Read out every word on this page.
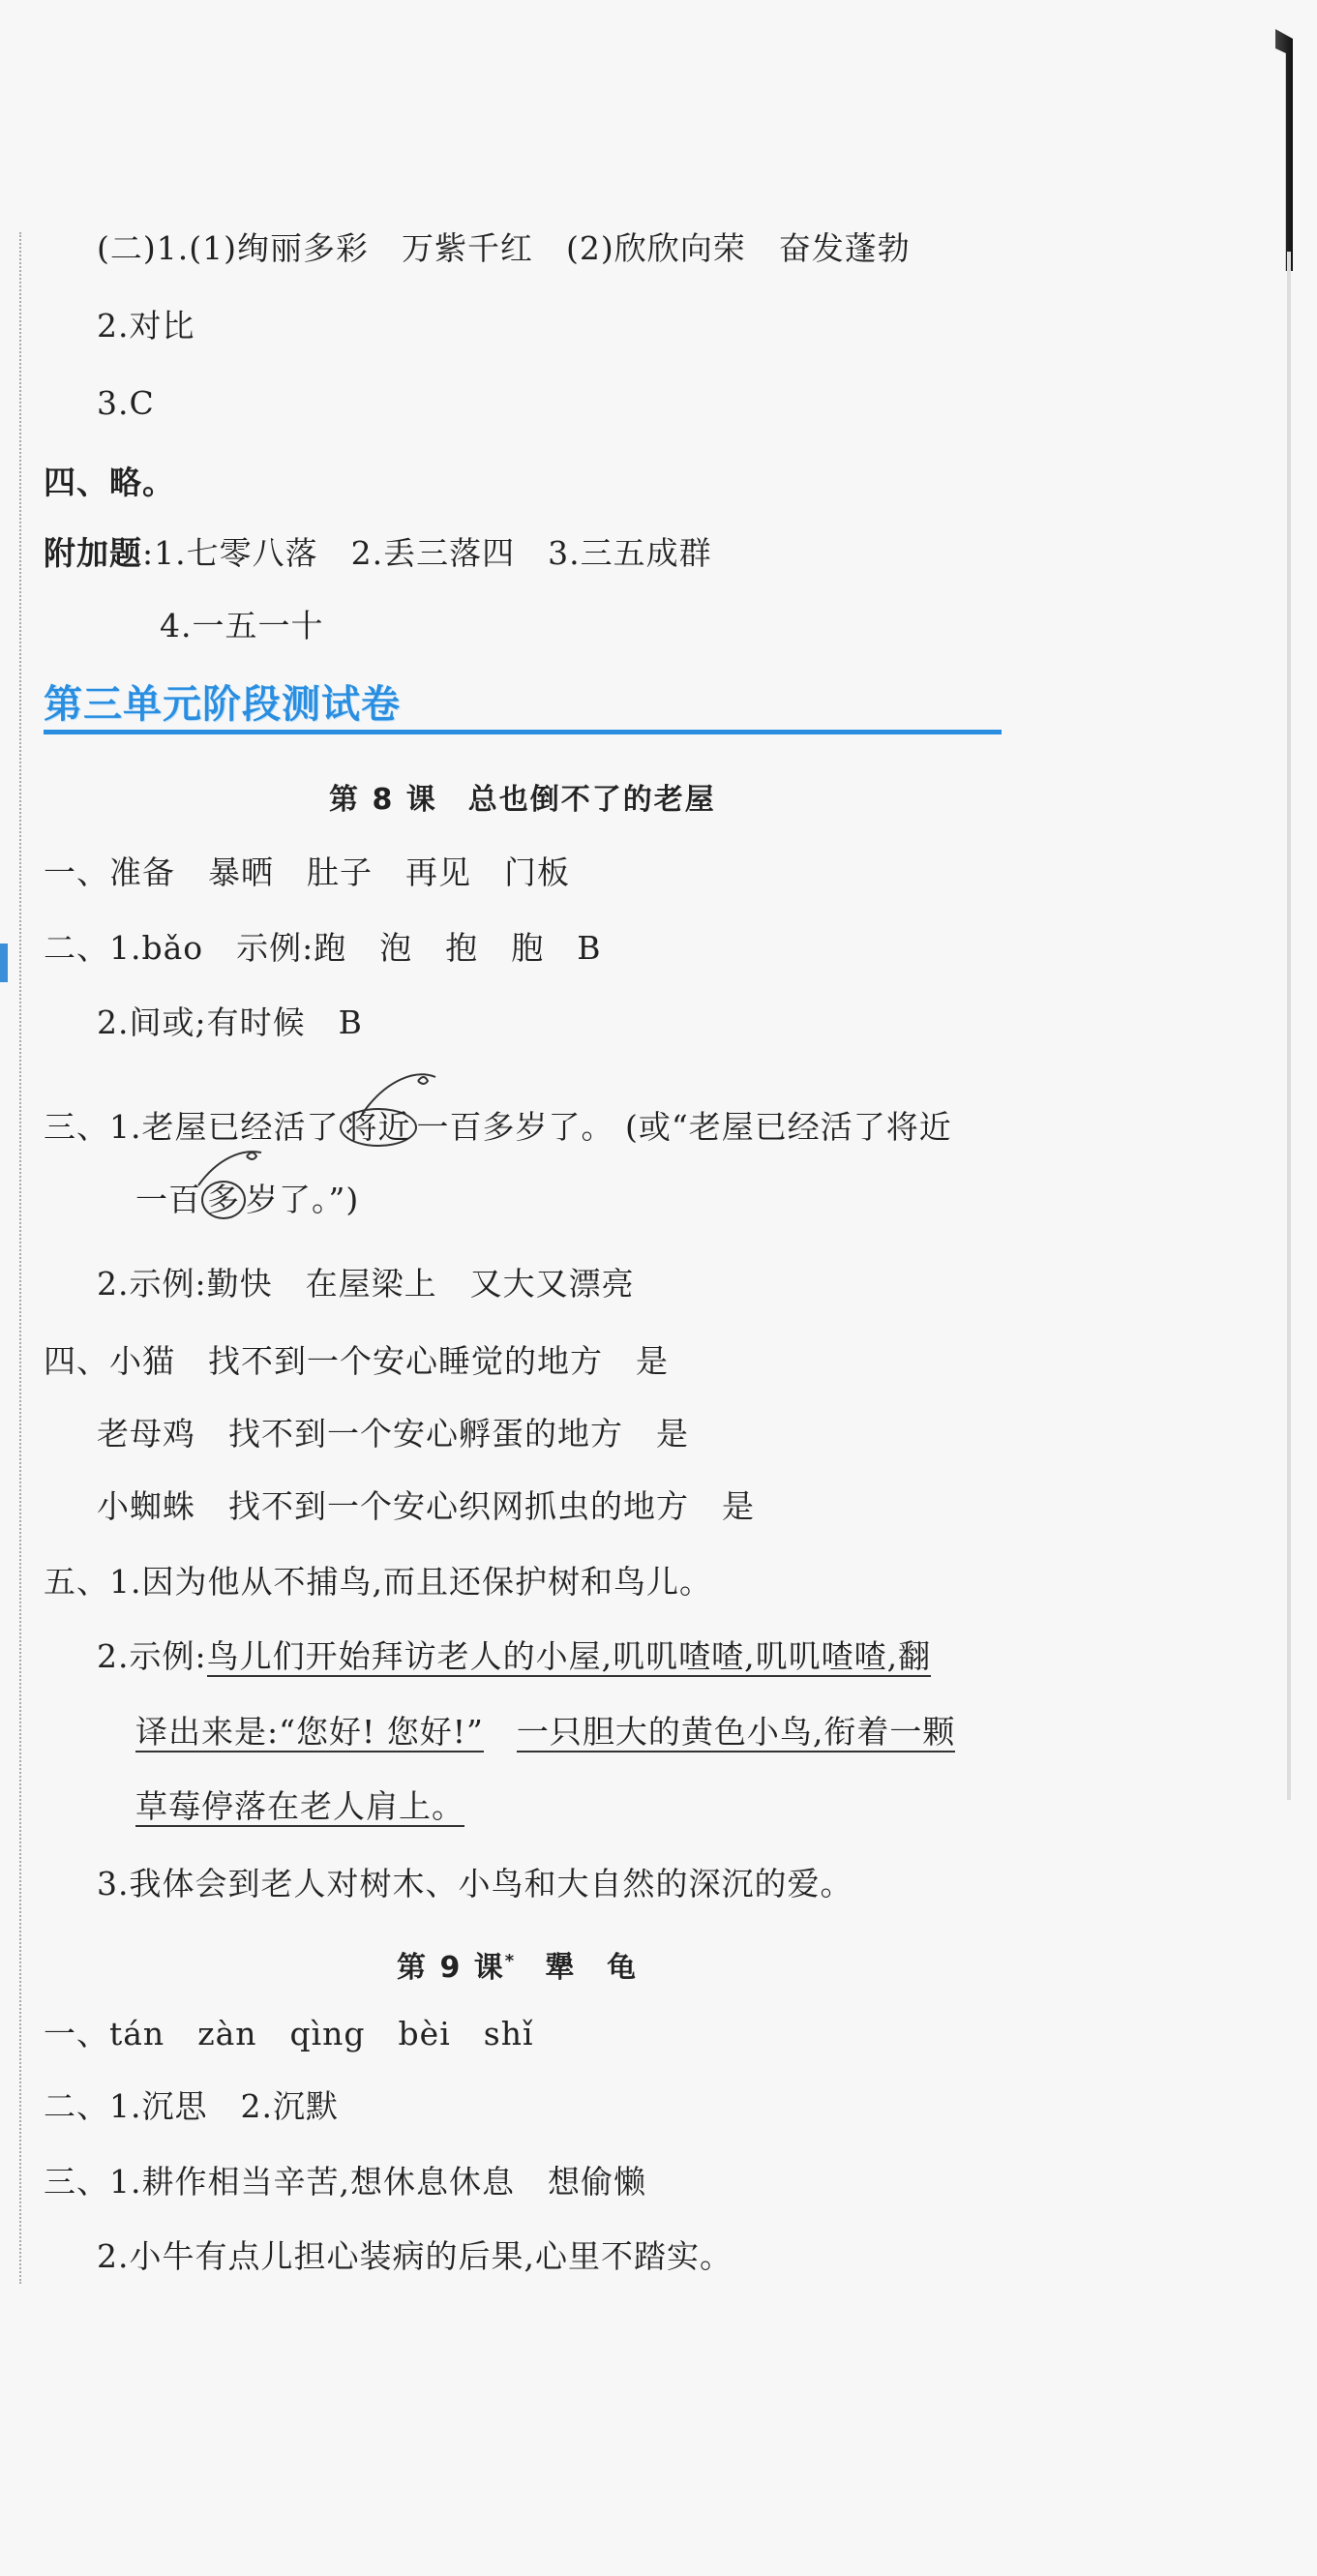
(二)1.(1)绚丽多彩　万紫千红　(2)欣欣向荣　奋发蓬勃
2.对比
3.C
四、略。
附加题:1.七零八落　2.丢三落四　3.三五成群
4.一五一十
第三单元阶段测试卷
第 8 课　总也倒不了的老屋
一、准备　暴晒　肚子　再见　门板
二、1.bǎo　示例:跑　泡　抱　胞　B
2.间或;有时候　B
三、1.老屋已经活了 将近 一百多岁了。 (或“老屋已经活了将近
一百 多 岁了。”)
2.示例:勤快　在屋梁上　又大又漂亮
四、小猫　找不到一个安心睡觉的地方　是
老母鸡　找不到一个安心孵蛋的地方　是
小蜘蛛　找不到一个安心织网抓虫的地方　是
五、1.因为他从不捕鸟,而且还保护树和鸟儿。
2.示例:鸟儿们开始拜访老人的小屋,叽叽喳喳,叽叽喳喳,翻
译出来是:“您好! 您好!”　 一只胆大的黄色小鸟,衔着一颗
草莓停落在老人肩上。
3.我体会到老人对树木、小鸟和大自然的深沉的爱。
第 9 课* 犟　龟
一、tán　zàn　qìng　bèi　shǐ
二、1.沉思　2.沉默
三、1.耕作相当辛苦,想休息休息　想偷懒
2.小牛有点儿担心装病的后果,心里不踏实。
